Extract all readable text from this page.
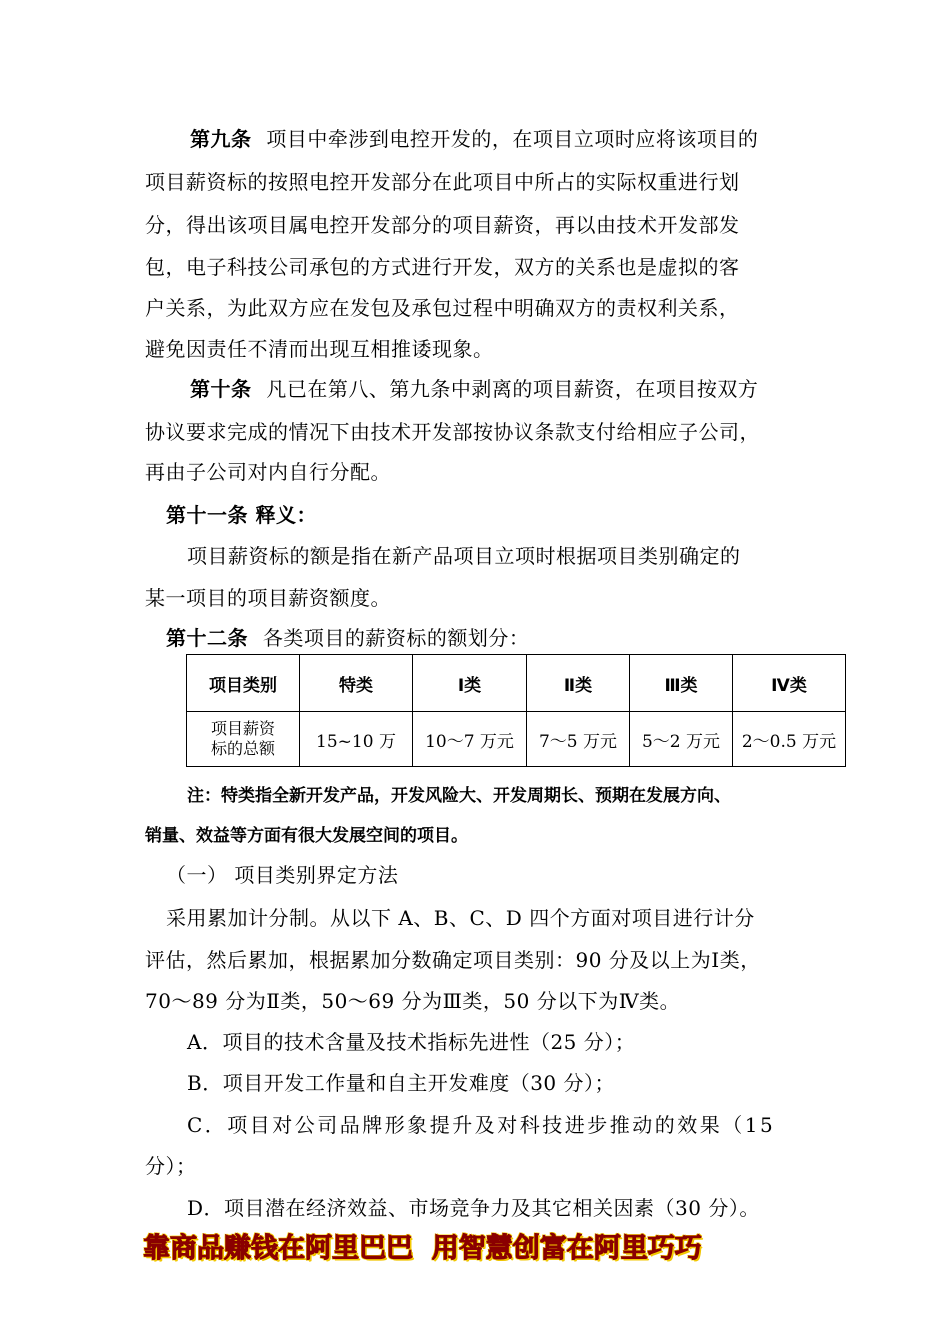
第九条 项目中牵涉到电控开发的，在项目立项时应将该项目的
项目薪资标的按照电控开发部分在此项目中所占的实际权重进行划
分，得出该项目属电控开发部分的项目薪资，再以由技术开发部发
包，电子科技公司承包的方式进行开发，双方的关系也是虚拟的客
户关系，为此双方应在发包及承包过程中明确双方的责权利关系，
避免因责任不清而出现互相推诿现象。
第十条 凡已在第八、第九条中剥离的项目薪资，在项目按双方
协议要求完成的情况下由技术开发部按协议条款支付给相应子公司，
再由子公司对内自行分配。
第十一条 释义：
项目薪资标的额是指在新产品项目立项时根据项目类别确定的
某一项目的项目薪资额度。
第十二条 各类项目的薪资标的额划分：
项目类别	特类	Ⅰ类	Ⅱ类	Ⅲ类	Ⅳ类

项目薪资
标的总额	15~10 万	10～7 万元	7～5 万元	5～2 万元	2～0.5 万元
注：特类指全新开发产品，开发风险大、开发周期长、预期在发展方向、
销量、效益等方面有很大发展空间的项目。
（一） 项目类别界定方法
采用累加计分制。从以下 A、B、C、D 四个方面对项目进行计分
评估，然后累加，根据累加分数确定项目类别：90 分及以上为Ⅰ类，
70～89 分为Ⅱ类，50～69 分为Ⅲ类，50 分以下为Ⅳ类。
A．项目的技术含量及技术指标先进性（25 分）；
B．项目开发工作量和自主开发难度（30 分）；
C．项目对公司品牌形象提升及对科技进步推动的效果（15
分）；
D．项目潜在经济效益、市场竞争力及其它相关因素（30 分）。
靠商品赚钱在阿里巴巴  用智慧创富在阿里巧巧
